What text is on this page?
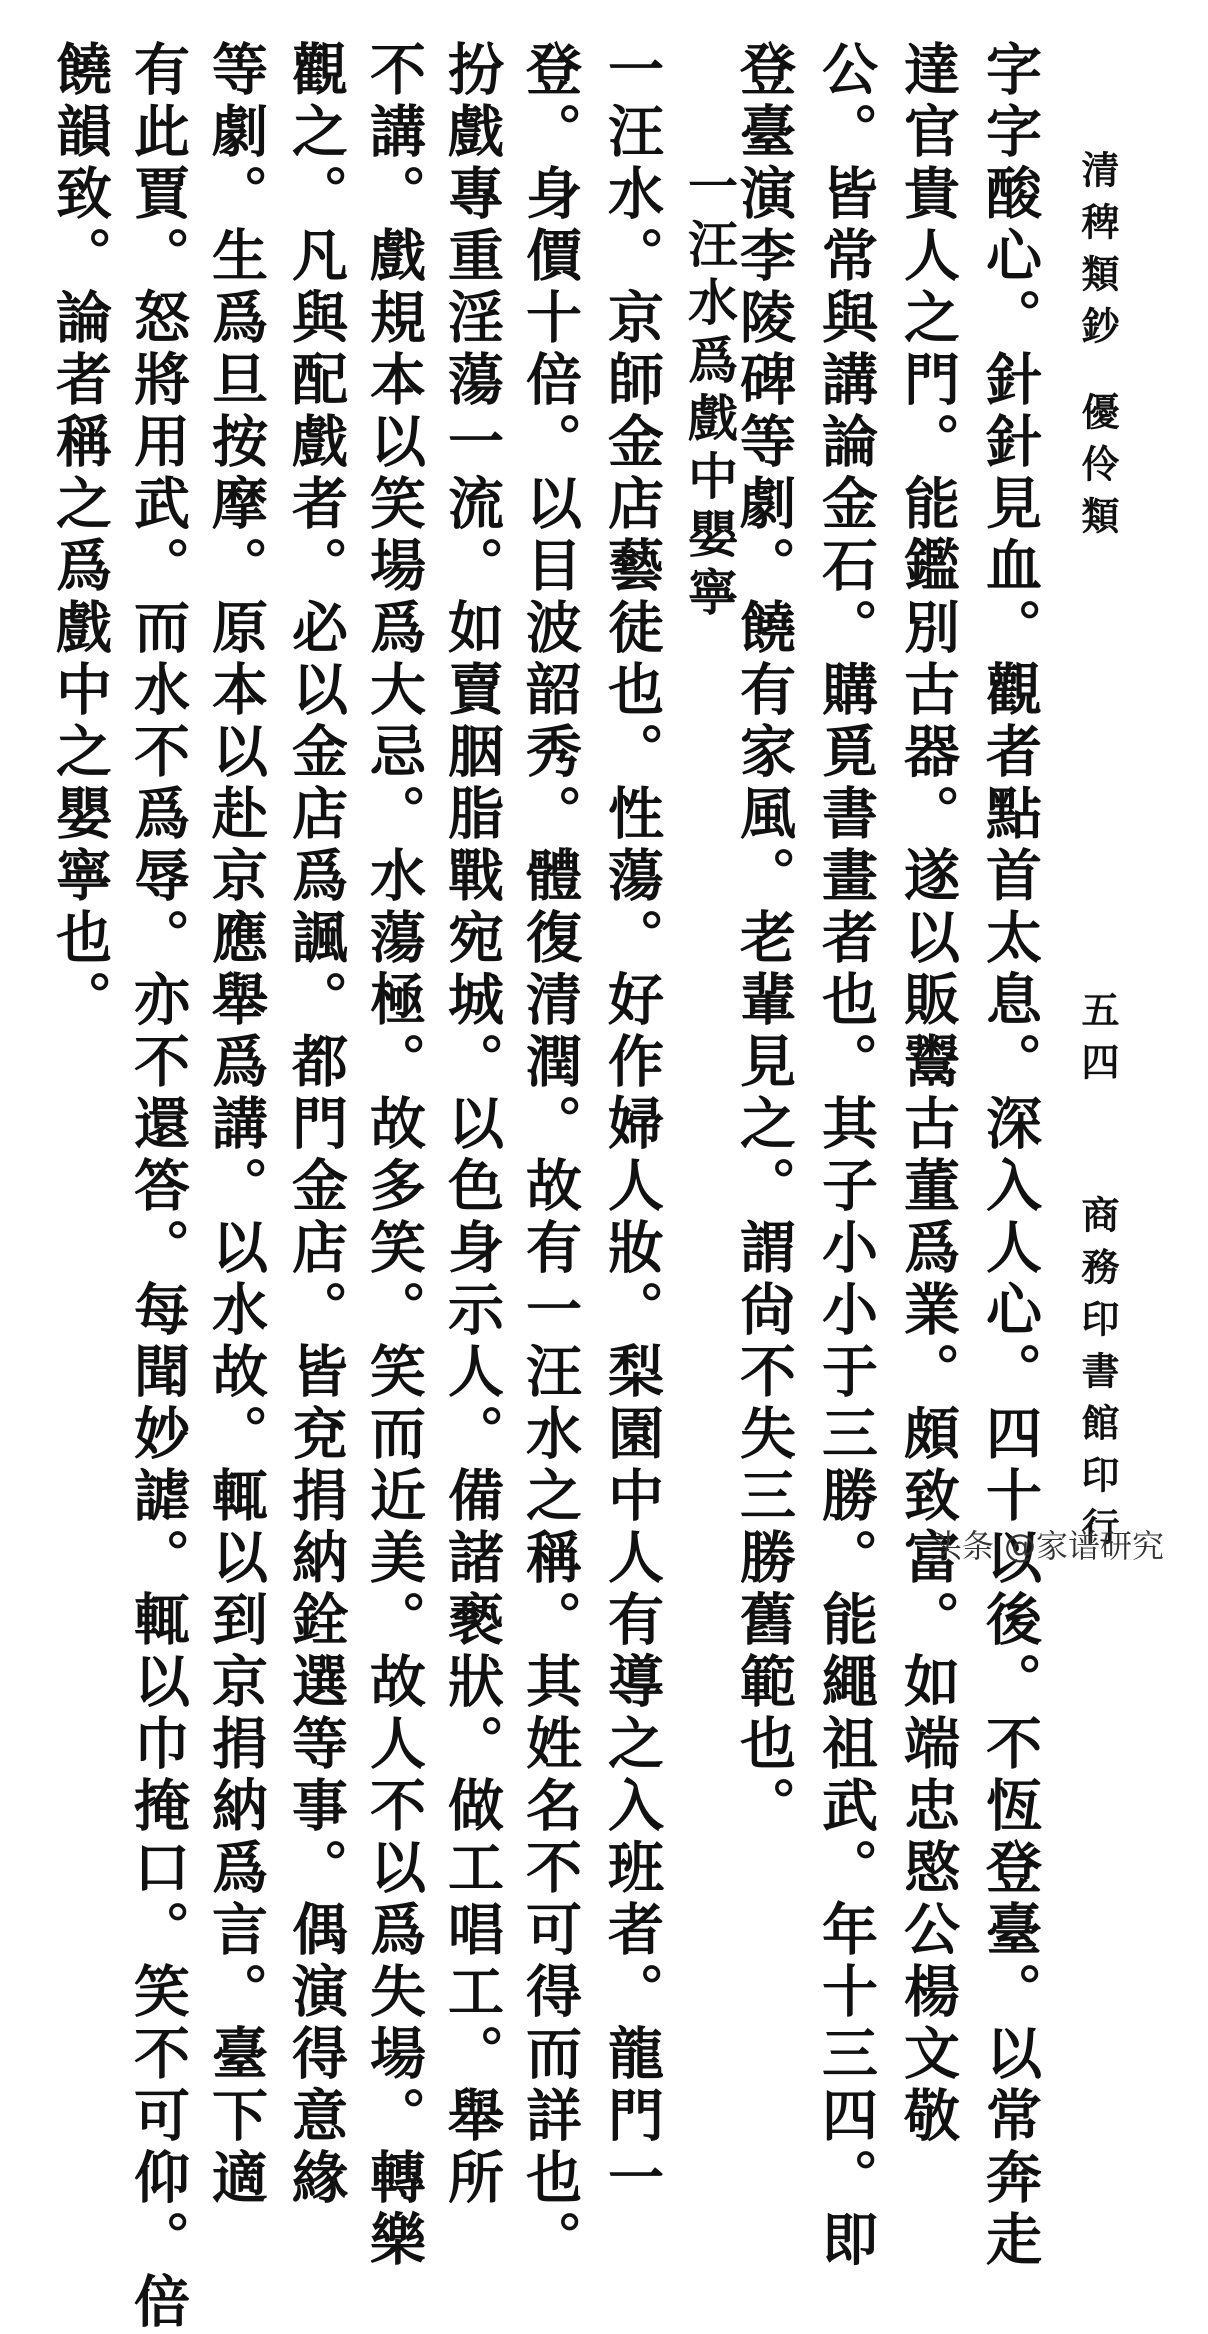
清稗類鈔
優伶類
五四
商務印書館印行
字字酸心。針針見血。觀者點首太息。深入人心。四十以後。不恆登臺。以常奔走
達官貴人之門。能鑑別古器。遂以販鬻古董爲業。頗致富。如端忠愍公楊文敬
公。皆常與講論金石。購覓書畫者也。其子小小于三勝。能繩祖武。年十三四。即
登臺演李陵碑等劇。饒有家風。老輩見之。謂尙不失三勝舊範也。
一汪水爲戲中嬰寧
一汪水。京師金店藝徒也。性蕩。好作婦人妝。梨園中人有導之入班者。龍門一
登。身價十倍。以目波韶秀。體復清潤。故有一汪水之稱。其姓名不可得而詳也。
扮戲專重淫蕩一流。如賣胭脂戰宛城。以色身示人。備諸褻狀。做工唱工。舉所
不講。戲規本以笑場爲大忌。水蕩極。故多笑。笑而近美。故人不以爲失場。轉樂
觀之。凡與配戲者。必以金店爲諷。都門金店。皆兗捐納銓選等事。偶演得意緣
等劇。生爲旦按摩。原本以赴京應舉爲講。以水故。輒以到京捐納爲言。臺下適
有此賈。怒將用武。而水不爲辱。亦不還答。每聞妙謔。輒以巾掩口。笑不可仰。倍
饒韻致。論者稱之爲戲中之嬰寧也。
头条 @家谱研究
